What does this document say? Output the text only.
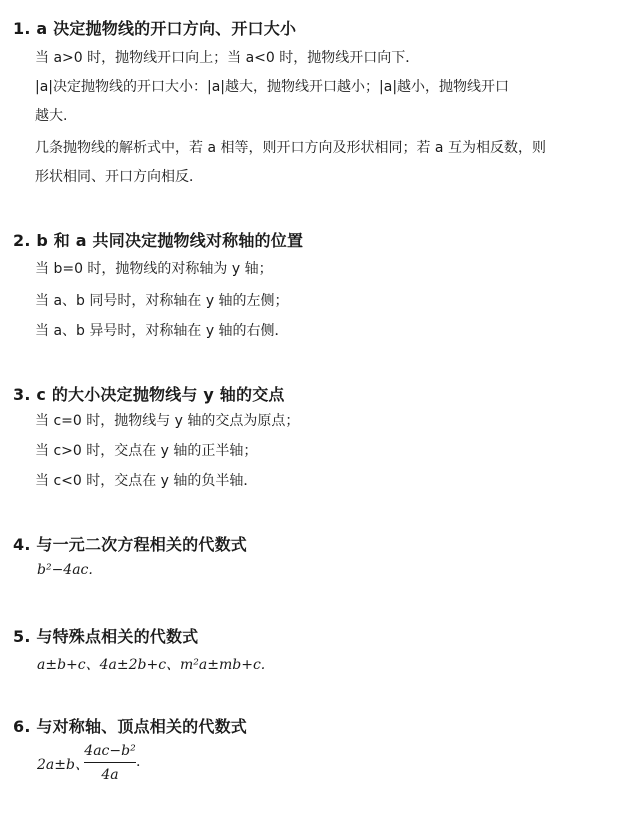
1. a 决定抛物线的开口方向、开口大小
当 a>0 时，抛物线开口向上；当 a<0 时，抛物线开口向下．
|a|决定抛物线的开口大小：|a|越大，抛物线开口越小；|a|越小，抛物线开口
越大.
几条抛物线的解析式中，若 a 相等，则开口方向及形状相同；若 a 互为相反数，则
形状相同、开口方向相反．
2. b 和 a 共同决定抛物线对称轴的位置
当 b=0 时，抛物线的对称轴为 y 轴；
当 a、b 同号时，对称轴在 y 轴的左侧；
当 a、b 异号时，对称轴在 y 轴的右侧．
3. c 的大小决定抛物线与 y 轴的交点
当 c=0 时，抛物线与 y 轴的交点为原点；
当 c>0 时，交点在 y 轴的正半轴；
当 c<0 时，交点在 y 轴的负半轴．
4. 与一元二次方程相关的代数式
b²−4ac.
5. 与特殊点相关的代数式
a±b+c、4a±2b+c、m²a±mb+c.
6. 与对称轴、顶点相关的代数式
2a±b、
4ac−b²
4a
.
